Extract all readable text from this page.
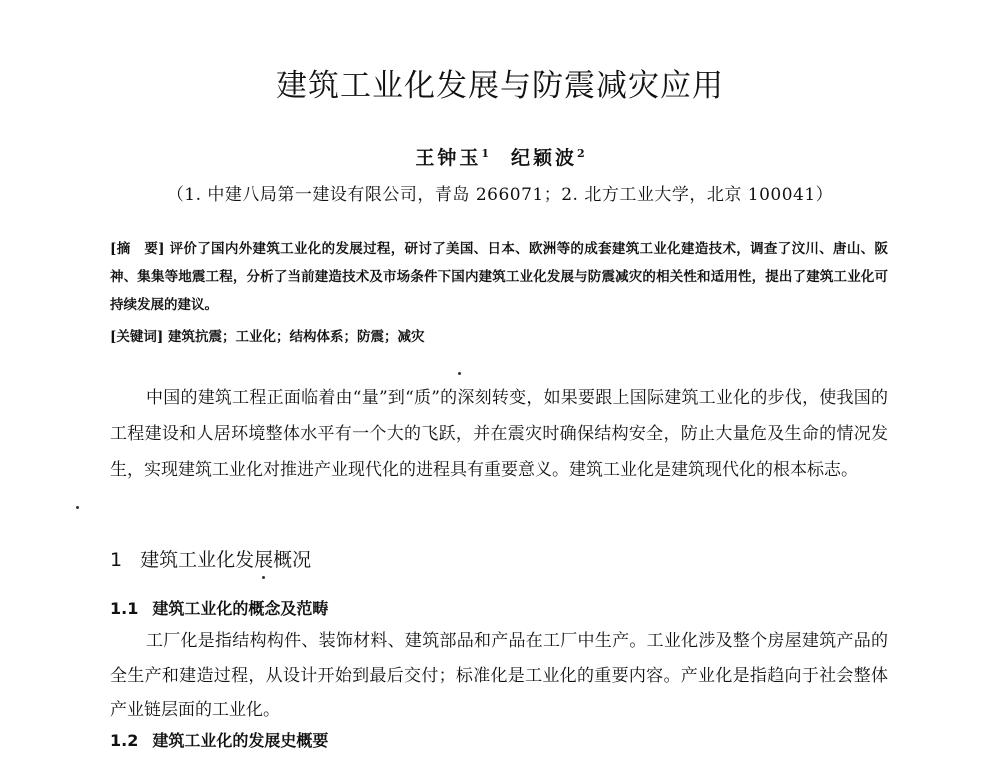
建筑工业化发展与防震减灾应用
王钟玉$^1$ 纪颖波$^2$
（1. 中建八局第一建设有限公司，青岛 266071；2. 北方工业大学，北京 100041）
[摘　要] 评价了国内外建筑工业化的发展过程，研讨了美国、日本、欧洲等的成套建筑工业化建造技术，调查了汶川、唐山、阪神、集集等地震工程，分析了当前建造技术及市场条件下国内建筑工业化发展与防震减灾的相关性和适用性，提出了建筑工业化可持续发展的建议。
[关键词] 建筑抗震；工业化；结构体系；防震；减灾
中国的建筑工程正面临着由“量”到“质”的深刻转变，如果要跟上国际建筑工业化的步伐，使我国的工程建设和人居环境整体水平有一个大的飞跃，并在震灾时确保结构安全，防止大量危及生命的情况发生，实现建筑工业化对推进产业现代化的进程具有重要意义。建筑工业化是建筑现代化的根本标志。
1 建筑工业化发展概况
1.1 建筑工业化的概念及范畴
工厂化是指结构构件、装饰材料、建筑部品和产品在工厂中生产。工业化涉及整个房屋建筑产品的全生产和建造过程，从设计开始到最后交付；标准化是工业化的重要内容。产业化是指趋向于社会整体产业链层面的工业化。
1.2 建筑工业化的发展史概要
